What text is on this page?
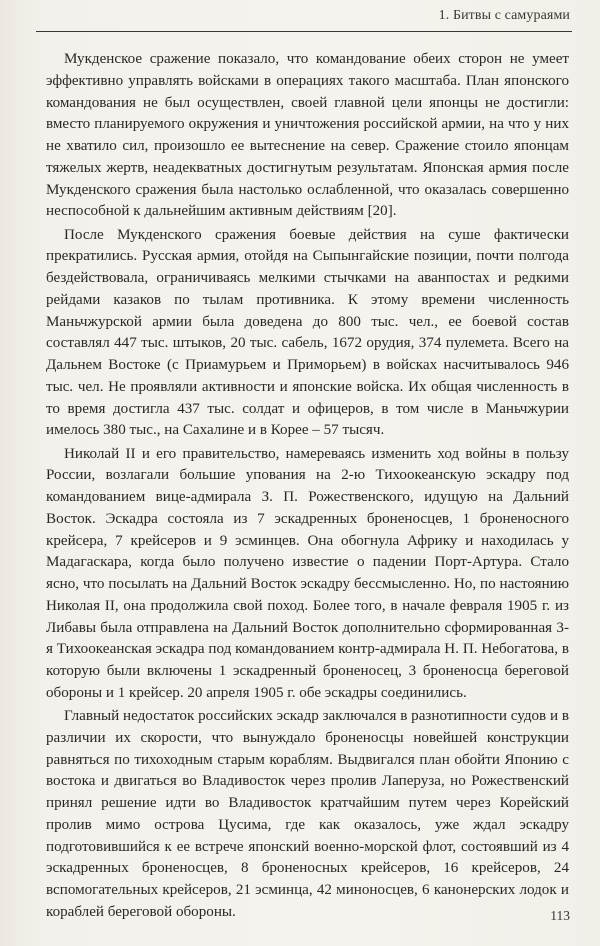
1. Битвы с самураями

Мукденское сражение показало, что командование обеих сторон не умеет эффективно управлять войсками в операциях такого масштаба. План японского командования не был осуществлен, своей главной цели японцы не достигли: вместо планируемого окружения и уничтожения российской армии, на что у них не хватило сил, произошло ее вытеснение на север. Сражение стоило японцам тяжелых жертв, неадекватных достигнутым результатам. Японская армия после Мукденского сражения была настолько ослабленной, что оказалась совершенно неспособной к дальнейшим активным действиям [20].

После Мукденского сражения боевые действия на суше фактически прекратились. Русская армия, отойдя на Сыпынгайские позиции, почти полгода бездействовала, ограничиваясь мелкими стычками на аванпостах и редкими рейдами казаков по тылам противника. К этому времени численность Маньчжурской армии была доведена до 800 тыс. чел., ее боевой состав составлял 447 тыс. штыков, 20 тыс. сабель, 1672 орудия, 374 пулемета. Всего на Дальнем Востоке (с Приамурьем и Приморьем) в войсках насчитывалось 946 тыс. чел. Не проявляли активности и японские войска. Их общая численность в то время достигла 437 тыс. солдат и офицеров, в том числе в Маньчжурии имелось 380 тыс., на Сахалине и в Корее – 57 тысяч.

Николай II и его правительство, намереваясь изменить ход войны в пользу России, возлагали большие упования на 2-ю Тихоокеанскую эскадру под командованием вице-адмирала З. П. Рожественского, идущую на Дальний Восток. Эскадра состояла из 7 эскадренных броненосцев, 1 броненосного крейсера, 7 крейсеров и 9 эсминцев. Она обогнула Африку и находилась у Мадагаскара, когда было получено известие о падении Порт-Артура. Стало ясно, что посылать на Дальний Восток эскадру бессмысленно. Но, по настоянию Николая II, она продолжила свой поход. Более того, в начале февраля 1905 г. из Либавы была отправлена на Дальний Восток дополнительно сформированная 3-я Тихоокеанская эскадра под командованием контр-адмирала Н. П. Небогатова, в которую были включены 1 эскадренный броненосец, 3 броненосца береговой обороны и 1 крейсер. 20 апреля 1905 г. обе эскадры соединились.

Главный недостаток российских эскадр заключался в разнотипности судов и в различии их скорости, что вынуждало броненосцы новейшей конструкции равняться по тихоходным старым кораблям. Выдвигался план обойти Японию с востока и двигаться во Владивосток через пролив Лаперуза, но Рожественский принял решение идти во Владивосток кратчайшим путем через Корейский пролив мимо острова Цусима, где как оказалось, уже ждал эскадру подготовившийся к ее встрече японский военно-морской флот, состоявший из 4 эскадренных броненосцев, 8 броненосных крейсеров, 16 крейсеров, 24 вспомогательных крейсеров, 21 эсминца, 42 миноносцев, 6 канонерских лодок и кораблей береговой обороны.	113
